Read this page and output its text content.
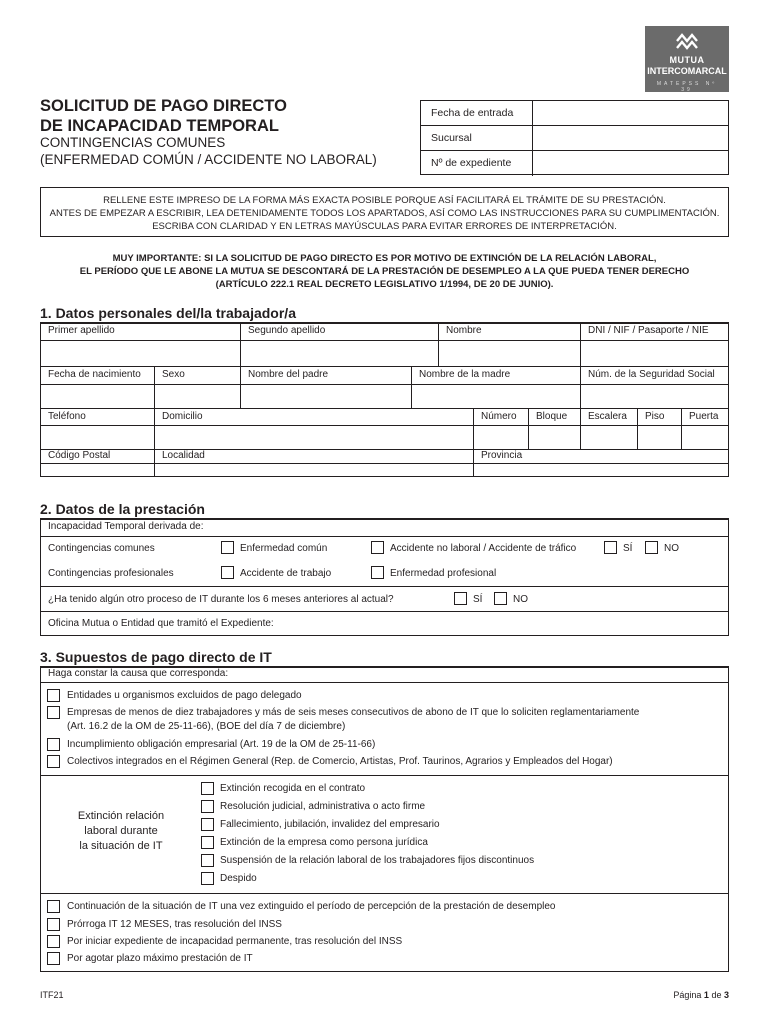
MUTUA
INTERCOMARCAL
MATEPSS Nº 39
SOLICITUD DE PAGO DIRECTO
DE INCAPACIDAD TEMPORAL
CONTINGENCIAS COMUNES
(ENFERMEDAD COMÚN / ACCIDENTE NO LABORAL)
Fecha de entrada
Sucursal
Nº de expediente
RELLENE ESTE IMPRESO DE LA FORMA MÁS EXACTA POSIBLE PORQUE ASÍ FACILITARÁ EL TRÁMITE DE SU PRESTACIÓN.
ANTES DE EMPEZAR A ESCRIBIR, LEA DETENIDAMENTE TODOS LOS APARTADOS, ASÍ COMO LAS INSTRUCCIONES PARA SU CUMPLIMENTACIÓN.
ESCRIBA CON CLARIDAD Y EN LETRAS MAYÚSCULAS PARA EVITAR ERRORES DE INTERPRETACIÓN.
MUY IMPORTANTE: SI LA SOLICITUD DE PAGO DIRECTO ES POR MOTIVO DE EXTINCIÓN DE LA RELACIÓN LABORAL,
EL PERÍODO QUE LE ABONE LA MUTUA SE DESCONTARÁ DE LA PRESTACIÓN DE DESEMPLEO A LA QUE PUEDA TENER DERECHO
(ARTÍCULO 222.1 REAL DECRETO LEGISLATIVO 1/1994, DE 20 DE JUNIO).
1. Datos personales del/la trabajador/a
Primer apellido	Segundo apellido	Nombre	DNI / NIF / Pasaporte / NIE
Fecha de nacimiento	Sexo	Nombre del padre	Nombre de la madre	Núm. de la Seguridad Social
Teléfono	Domicilio	Número	Bloque	Escalera	Piso	Puerta
Código Postal	Localidad	Provincia
2. Datos de la prestación
Incapacidad Temporal derivada de:
Contingencias comunes	Enfermedad común	Accidente no laboral / Accidente de tráfico	SÍ	NO
Contingencias profesionales	Accidente de trabajo	Enfermedad profesional
¿Ha tenido algún otro proceso de IT durante los 6 meses anteriores al actual?	SÍ	NO
Oficina Mutua o Entidad que tramitó el Expediente:
3. Supuestos de pago directo de IT
Haga constar la causa que corresponda:
Entidades u organismos excluidos de pago delegado
Empresas de menos de diez trabajadores y más de seis meses consecutivos de abono de IT que lo soliciten reglamentariamente
(Art. 16.2 de la OM de 25-11-66), (BOE del día 7 de diciembre)
Incumplimiento obligación empresarial (Art. 19 de la OM de 25-11-66)
Colectivos integrados en el Régimen General (Rep. de Comercio, Artistas, Prof. Taurinos, Agrarios y Empleados del Hogar)
Extinción relación
laboral durante
la situación de IT
Extinción recogida en el contrato
Resolución judicial, administrativa o acto firme
Fallecimiento, jubilación, invalidez del empresario
Extinción de la empresa como persona jurídica
Suspensión de la relación laboral de los trabajadores fijos discontinuos
Despido
Continuación de la situación de IT una vez extinguido el período de percepción de la prestación de desempleo
Prórroga IT 12 MESES, tras resolución del INSS
Por iniciar expediente de incapacidad permanente, tras resolución del INSS
Por agotar plazo máximo prestación de IT
ITF21	Página 1 de 3
